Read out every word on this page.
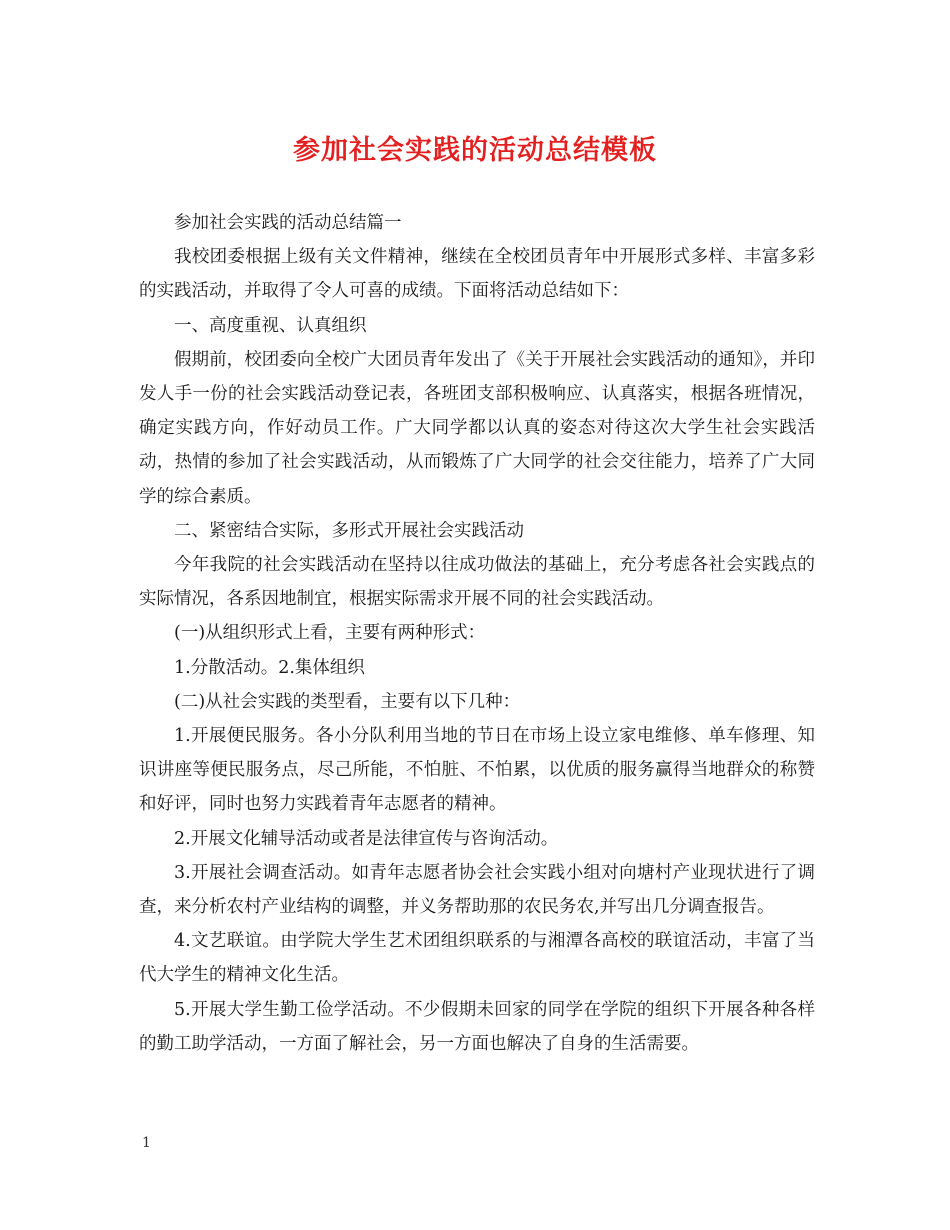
参加社会实践的活动总结模板

参加社会实践的活动总结篇一

我校团委根据上级有关文件精神，继续在全校团员青年中开展形式多样、丰富多彩的实践活动，并取得了令人可喜的成绩。下面将活动总结如下：

一、高度重视、认真组织

假期前，校团委向全校广大团员青年发出了《关于开展社会实践活动的通知》，并印发人手一份的社会实践活动登记表，各班团支部积极响应、认真落实，根据各班情况，确定实践方向，作好动员工作。广大同学都以认真的姿态对待这次大学生社会实践活动，热情的参加了社会实践活动，从而锻炼了广大同学的社会交往能力，培养了广大同学的综合素质。

二、紧密结合实际，多形式开展社会实践活动

今年我院的社会实践活动在坚持以往成功做法的基础上，充分考虑各社会实践点的实际情况，各系因地制宜，根据实际需求开展不同的社会实践活动。

(一)从组织形式上看，主要有两种形式：

1.分散活动。2.集体组织

(二)从社会实践的类型看，主要有以下几种：

1.开展便民服务。各小分队利用当地的节日在市场上设立家电维修、单车修理、知识讲座等便民服务点，尽己所能，不怕脏、不怕累，以优质的服务赢得当地群众的称赞和好评，同时也努力实践着青年志愿者的精神。

2.开展文化辅导活动或者是法律宣传与咨询活动。

3.开展社会调查活动。如青年志愿者协会社会实践小组对向塘村产业现状进行了调查，来分析农村产业结构的调整，并义务帮助那的农民务农,并写出几分调查报告。

4.文艺联谊。由学院大学生艺术团组织联系的与湘潭各高校的联谊活动，丰富了当代大学生的精神文化生活。

5.开展大学生勤工俭学活动。不少假期未回家的同学在学院的组织下开展各种各样的勤工助学活动，一方面了解社会，另一方面也解决了自身的生活需要。

1
